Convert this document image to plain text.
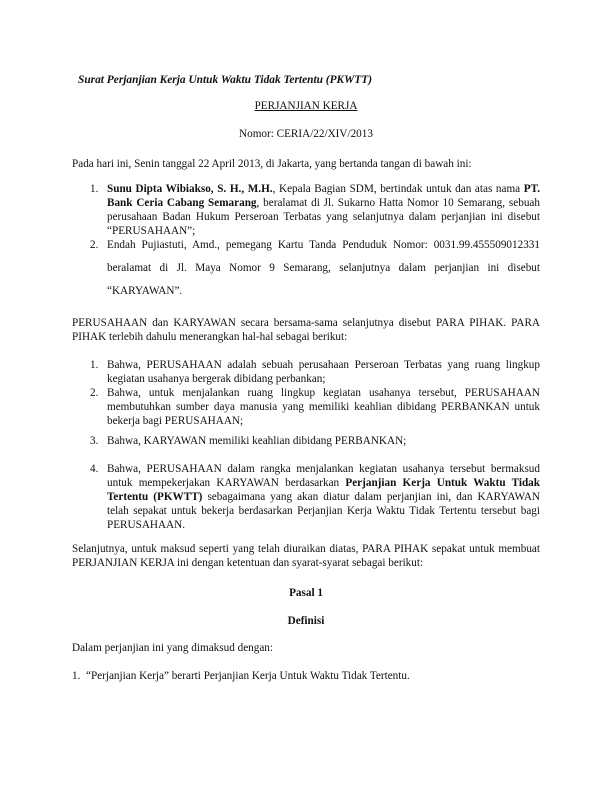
Surat Perjanjian Kerja Untuk Waktu Tidak Tertentu (PKWTT)

PERJANJIAN KERJA

Nomor: CERIA/22/XIV/2013

Pada hari ini, Senin tanggal 22 April 2013, di Jakarta, yang bertanda tangan di bawah ini:

1. Sunu Dipta Wibiakso, S. H., M.H., Kepala Bagian SDM, bertindak untuk dan atas nama PT. Bank Ceria Cabang Semarang, beralamat di Jl. Sukarno Hatta Nomor 10 Semarang, sebuah perusahaan Badan Hukum Perseroan Terbatas yang selanjutnya dalam perjanjian ini disebut “PERUSAHAAN”;
2. Endah Pujiastuti, Amd., pemegang Kartu Tanda Penduduk Nomor: 0031.99.455509012331 beralamat di Jl. Maya Nomor 9 Semarang, selanjutnya dalam perjanjian ini disebut “KARYAWAN”.

PERUSAHAAN dan KARYAWAN secara bersama-sama selanjutnya disebut PARA PIHAK. PARA PIHAK terlebih dahulu menerangkan hal-hal sebagai berikut:

1. Bahwa, PERUSAHAAN adalah sebuah perusahaan Perseroan Terbatas yang ruang lingkup kegiatan usahanya bergerak dibidang perbankan;
2. Bahwa, untuk menjalankan ruang lingkup kegiatan usahanya tersebut, PERUSAHAAN membutuhkan sumber daya manusia yang memiliki keahlian dibidang PERBANKAN untuk bekerja bagi PERUSAHAAN;
3. Bahwa, KARYAWAN memiliki keahlian dibidang PERBANKAN;
4. Bahwa, PERUSAHAAN dalam rangka menjalankan kegiatan usahanya tersebut bermaksud untuk mempekerjakan KARYAWAN berdasarkan Perjanjian Kerja Untuk Waktu Tidak Tertentu (PKWTT) sebagaimana yang akan diatur dalam perjanjian ini, dan KARYAWAN telah sepakat untuk bekerja berdasarkan Perjanjian Kerja Waktu Tidak Tertentu tersebut bagi PERUSAHAAN.

Selanjutnya, untuk maksud seperti yang telah diuraikan diatas, PARA PIHAK sepakat untuk membuat PERJANJIAN KERJA ini dengan ketentuan dan syarat-syarat sebagai berikut:

Pasal 1

Definisi

Dalam perjanjian ini yang dimaksud dengan:

1. “Perjanjian Kerja” berarti Perjanjian Kerja Untuk Waktu Tidak Tertentu.
